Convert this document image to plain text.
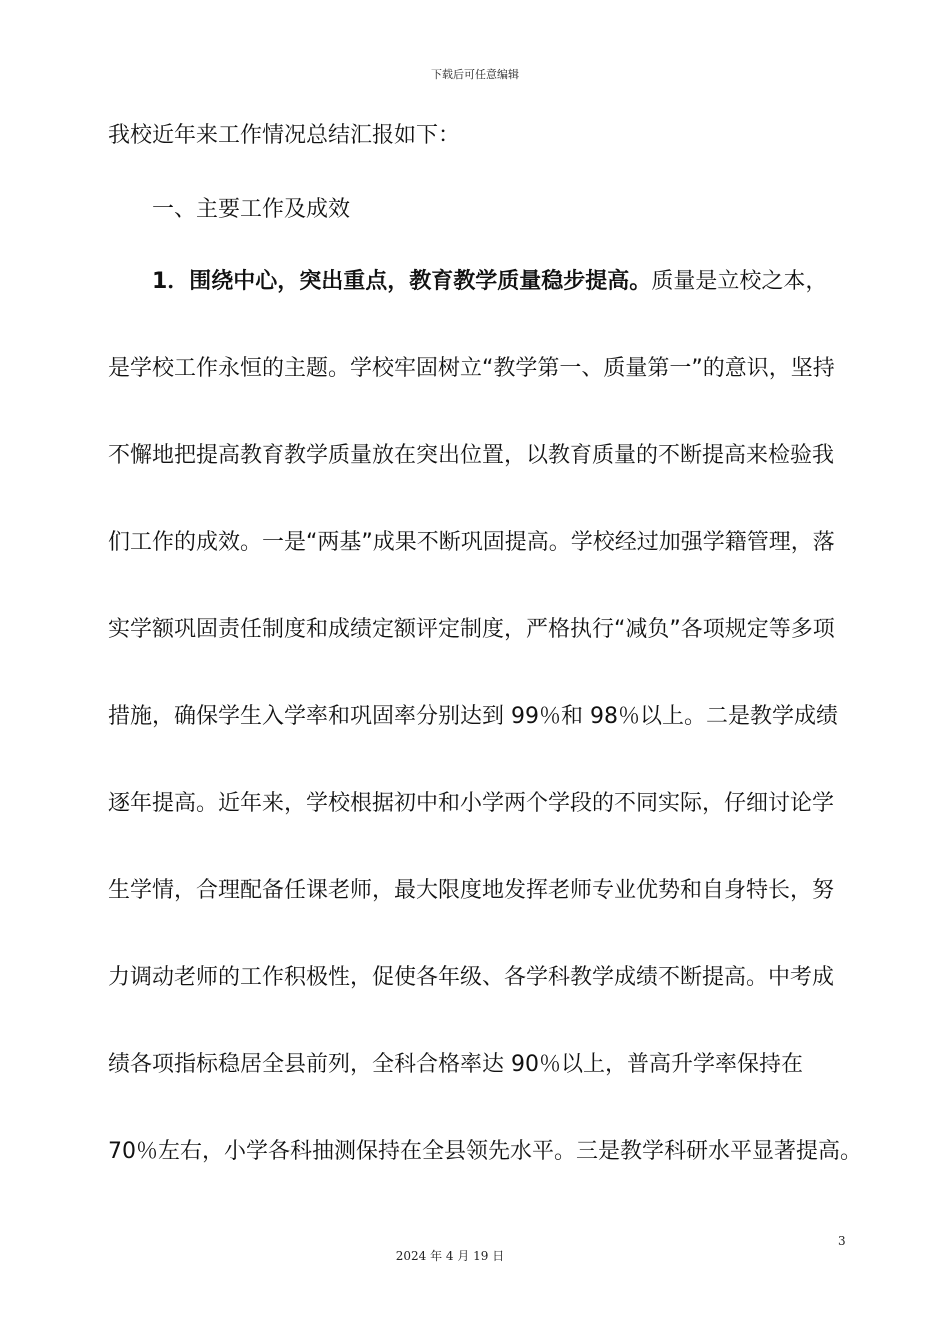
下载后可任意编辑
我校近年来工作情况总结汇报如下：
一、主要工作及成效
1．围绕中心，突出重点，教育教学质量稳步提高。质量是立校之本，
是学校工作永恒的主题。学校牢固树立“教学第一、质量第一”的意识，坚持
不懈地把提高教育教学质量放在突出位置，以教育质量的不断提高来检验我
们工作的成效。一是“两基”成果不断巩固提高。学校经过加强学籍管理，落
实学额巩固责任制度和成绩定额评定制度，严格执行“减负”各项规定等多项
措施，确保学生入学率和巩固率分别达到 99％和 98％以上。二是教学成绩
逐年提高。近年来，学校根据初中和小学两个学段的不同实际，仔细讨论学
生学情，合理配备任课老师，最大限度地发挥老师专业优势和自身特长，努
力调动老师的工作积极性，促使各年级、各学科教学成绩不断提高。中考成
绩各项指标稳居全县前列，全科合格率达 90％以上，普高升学率保持在
70％左右，小学各科抽测保持在全县领先水平。三是教学科研水平显著提高。
3
2024 年 4 月 19 日
